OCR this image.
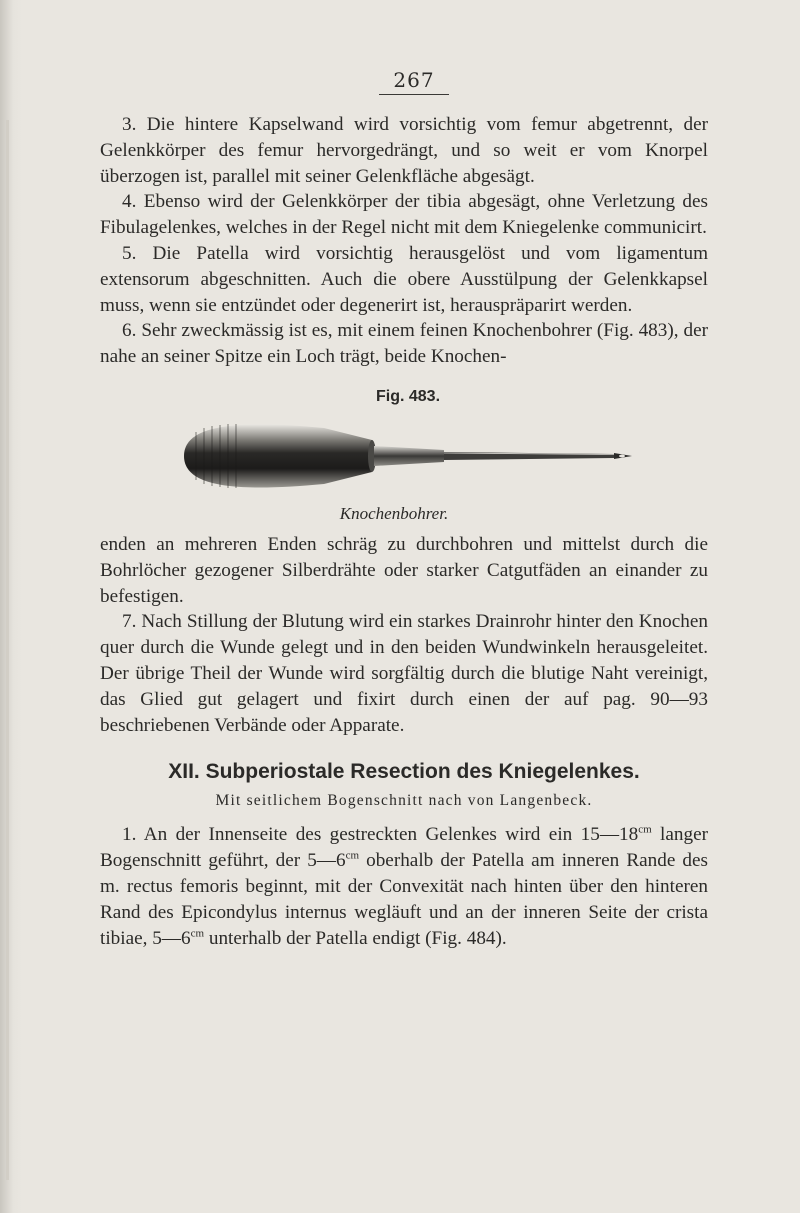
267

3. Die hintere Kapselwand wird vorsichtig vom femur abgetrennt, der Gelenkkörper des femur hervorgedrängt, und so weit er vom Knorpel überzogen ist, parallel mit seiner Gelenkfläche abgesägt.

4. Ebenso wird der Gelenkkörper der tibia abgesägt, ohne Verletzung des Fibulagelenkes, welches in der Regel nicht mit dem Kniegelenke communicirt.

5. Die Patella wird vorsichtig herausgelöst und vom ligamentum extensorum abgeschnitten. Auch die obere Ausstülpung der Gelenkkapsel muss, wenn sie entzündet oder degenerirt ist, herauspräparirt werden.

6. Sehr zweckmässig ist es, mit einem feinen Knochenbohrer (Fig. 483), der nahe an seiner Spitze ein Loch trägt, beide Knochen-

Fig. 483.
Knochenbohrer.

enden an mehreren Enden schräg zu durchbohren und mittelst durch die Bohrlöcher gezogener Silberdrähte oder starker Catgutfäden an einander zu befestigen.

7. Nach Stillung der Blutung wird ein starkes Drainrohr hinter den Knochen quer durch die Wunde gelegt und in den beiden Wundwinkeln herausgeleitet. Der übrige Theil der Wunde wird sorgfältig durch die blutige Naht vereinigt, das Glied gut gelagert und fixirt durch einen der auf pag. 90—93 beschriebenen Verbände oder Apparate.

XII. Subperiostale Resection des Kniegelenkes.
Mit seitlichem Bogenschnitt nach von Langenbeck.

1. An der Innenseite des gestreckten Gelenkes wird ein $15—18^{cm}$ langer Bogenschnitt geführt, der $5—6^{cm}$ oberhalb der Patella am inneren Rande des m. rectus femoris beginnt, mit der Convexität nach hinten über den hinteren Rand des Epicondylus internus wegläuft und an der inneren Seite der crista tibiae, $5—6^{cm}$ unterhalb der Patella endigt (Fig. 484).
